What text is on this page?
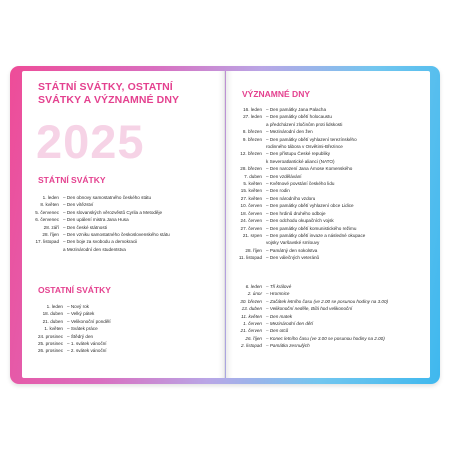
STÁTNÍ SVÁTKY, OSTATNÍ SVÁTKY A VÝZNAMNÉ DNY
2025
STÁTNÍ SVÁTKY
1. leden – Den obnovy samostatného českého státu
8. květen – Den vítězství
5. červenec – Den slovanských věrozvěstů Cyrila a Metoděje
6. červenec – Den upálení mistra Jana Husa
28. září – Den české státnosti
28. říjen – Den vzniku samostatného československého státu
17. listopad – Den boje za svobodu a demokracii
a Mezinárodní den studentstva
OSTATNÍ SVÁTKY
1. leden – Nový rok
18. duben – Velký pátek
21. duben – Velikonoční pondělí
1. květen – Svátek práce
24. prosinec – Štědrý den
25. prosinec – 1. svátek vánoční
26. prosinec – 2. svátek vánoční
VÝZNAMNÉ DNY
16. leden – Den památky Jana Palacha
27. leden – Den památky obětí holocaustu
a předcházení zločinům proti lidskosti
8. březen – Mezinárodní den žen
9. březen – Den památky obětí vyhlazení terezínského
rodinného tábora v Osvětimi-Březince
12. březen – Den přístupu České republiky
k Severoatlantické alianci (NATO)
28. březen – Den narození Jana Ámose Komenského
7. duben – Den vzdělávání
5. květen – Květnové povstání českého lidu
15. květen – Den rodin
27. květen – Den národního vzdoru
10. červen – Den památky obětí vyhlazení obce Lidice
18. červen – Den hrdinů druhého odboje
24. červen – Den odchodu okupačních vojsk
27. červen – Den památky obětí komunistického režimu
21. srpen – Den památky obětí invaze a následné okupace
vojsky Varšavské smlouvy
28. říjen – Památný den sokolstva
11. listopad – Den válečných veteránů
6. leden – Tři králové
2. únor – Hromnice
30. březen – Začátek letního času (ve 2.00 se posunou hodiny na 3.00)
13. duben – Velikonoční neděle, Bílá hod velikonoční
11. květen – Den matek
1. červen – Mezinárodní den dětí
21. červen – Den otců
26. říjen – Konec letního času (ve 3.00 se posunou hodiny na 2.00)
2. listopad – Památka zesnulých
